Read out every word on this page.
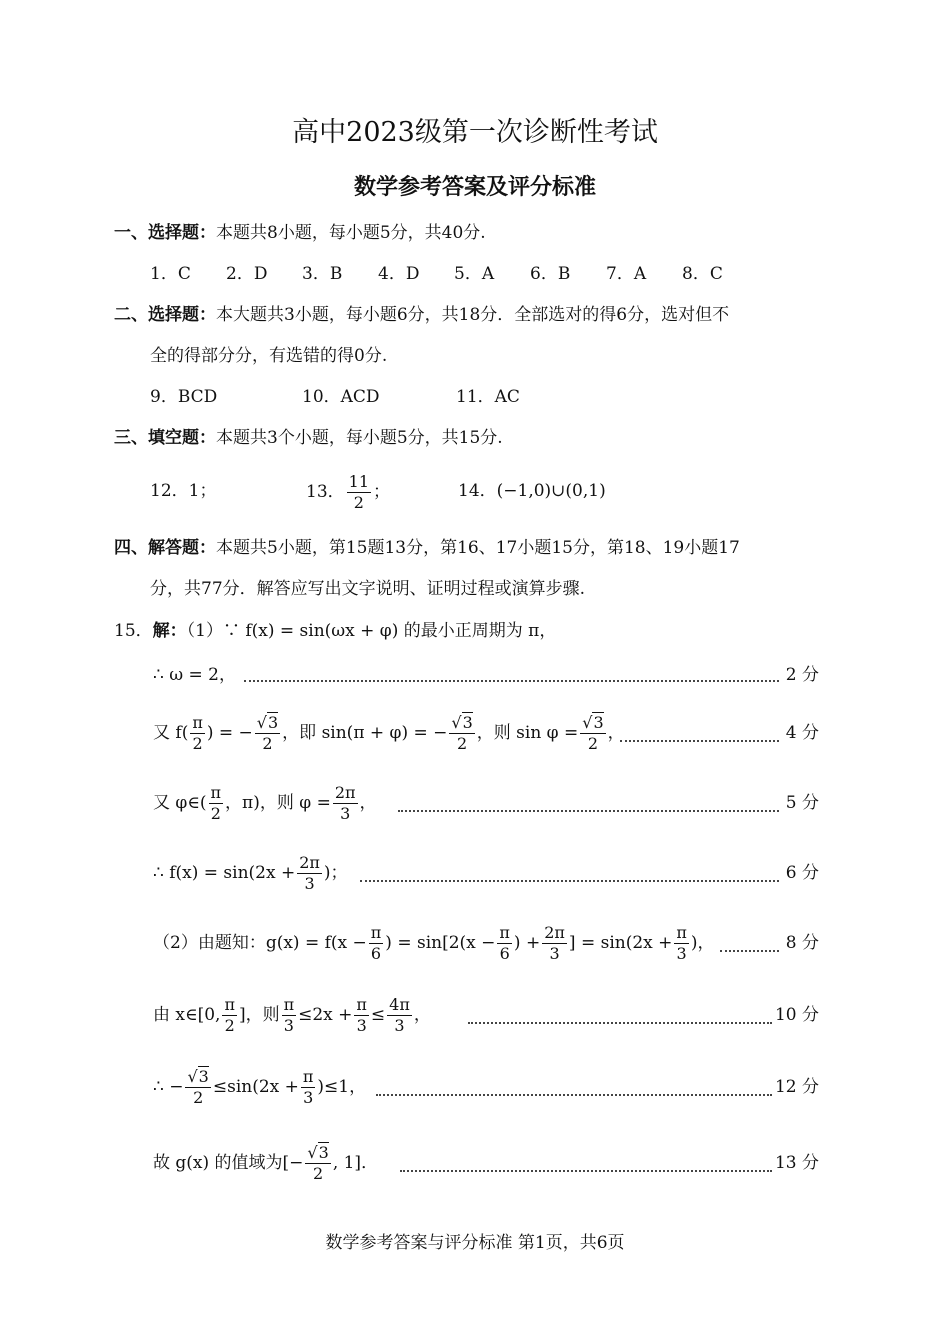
高中2023级第一次诊断性考试
数学参考答案及评分标准
一、选择题：本题共8小题，每小题5分，共40分.
1．C 2．D 3．B 4．D 5．A 6．B 7．A 8．C
二、选择题：本大题共3小题，每小题6分，共18分．全部选对的得6分，选对但不
全的得部分分，有选错的得0分.
9．BCD	10．ACD	11．AC
三、填空题：本题共3个小题，每小题5分，共15分.
12．1；	13． $\frac{11}{2}$ ；	14．(−1,0)∪(0,1)
四、解答题：本题共5小题，第15题13分，第16、17小题15分，第18、19小题17
分，共77分．解答应写出文字说明、证明过程或演算步骤.
15．解：（1）∵ f(x) = sin(ωx + φ) 的最小正周期为 π，
∴ ω = 2，	2 分
又 $f( \frac{\pi}{2}$ ) = − $\frac{√3}{2}$ ，即 sin(π + φ) = − $\frac{√3}{2}$ ，则 $\sin \varphi = \frac{√3}{2}$ ，	4 分
又 φ∈( $\frac{\pi}{2}$ ，π)，则 $\varphi = \frac{2\pi}{3}$ ，	5 分
∴ $f(x) = \sin(2x + \frac{2\pi}{3}$ )；	6 分
（2）由题知：$g(x) = f(x - \frac{\pi}{6}$ ) = $\sin[2(x - \frac{\pi}{6}$ ) + $\frac{2\pi}{3}$ ] = $\sin(2x + \frac{\pi}{3}$ )，	8 分
由 x∈[0, $\frac{\pi}{2}$ ]，则 $\frac{\pi}{3} \le 2x + \frac{\pi}{3} \le \frac{4\pi}{3}$ ，	10 分
∴ − $\frac{√3}{2} \le\sin(2x + \frac{\pi}{3} )\le 1$，	12 分
故 g(x) 的值域为[− $\frac{√3}{2}$ , 1]．	13 分
数学参考答案与评分标准 第1页，共6页
